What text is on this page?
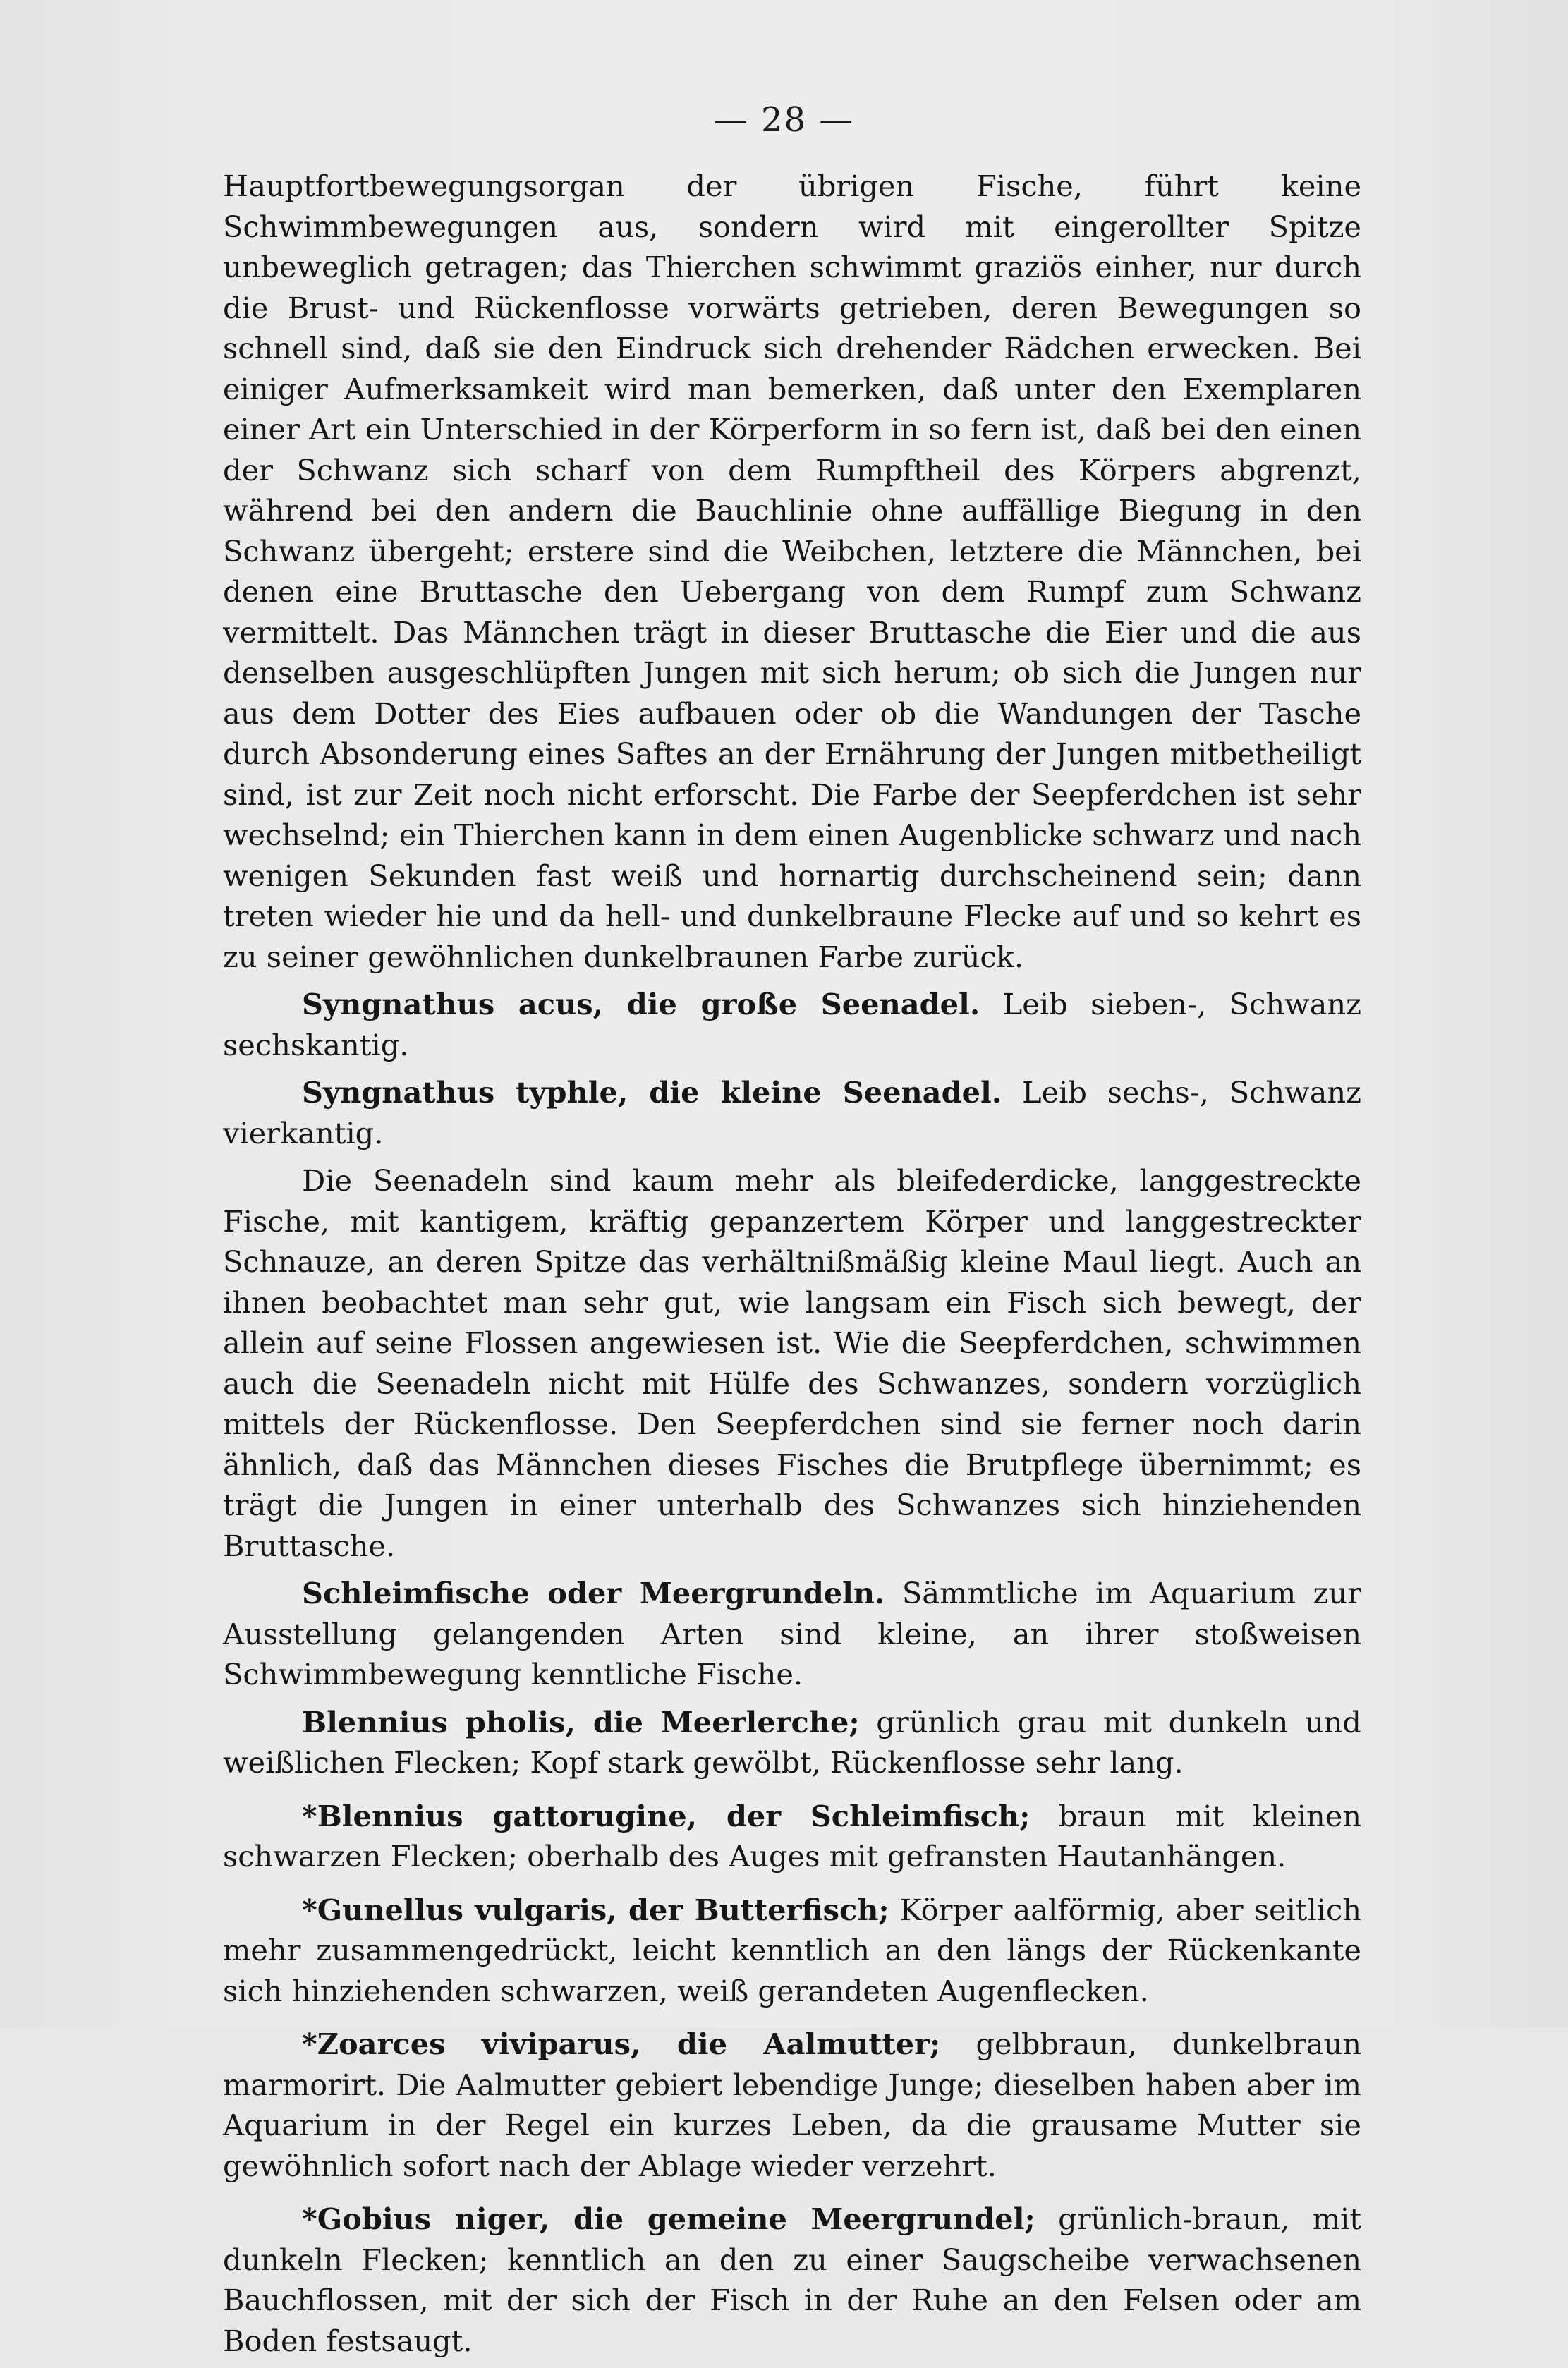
— 28 —

Hauptfortbewegungsorgan der übrigen Fische, führt keine Schwimmbewegungen aus, sondern wird mit eingerollter Spitze unbeweglich getragen; das Thierchen schwimmt graziös einher, nur durch die Brust- und Rückenflosse vorwärts getrieben, deren Bewegungen so schnell sind, daß sie den Eindruck sich drehender Rädchen erwecken. Bei einiger Aufmerksamkeit wird man bemerken, daß unter den Exemplaren einer Art ein Unterschied in der Körperform in so fern ist, daß bei den einen der Schwanz sich scharf von dem Rumpftheil des Körpers abgrenzt, während bei den andern die Bauchlinie ohne auffällige Biegung in den Schwanz übergeht; erstere sind die Weibchen, letztere die Männchen, bei denen eine Bruttasche den Uebergang von dem Rumpf zum Schwanz vermittelt. Das Männchen trägt in dieser Bruttasche die Eier und die aus denselben ausgeschlüpften Jungen mit sich herum; ob sich die Jungen nur aus dem Dotter des Eies aufbauen oder ob die Wandungen der Tasche durch Absonderung eines Saftes an der Ernährung der Jungen mitbetheiligt sind, ist zur Zeit noch nicht erforscht. Die Farbe der Seepferdchen ist sehr wechselnd; ein Thierchen kann in dem einen Augenblicke schwarz und nach wenigen Sekunden fast weiß und hornartig durchscheinend sein; dann treten wieder hie und da hell- und dunkelbraune Flecke auf und so kehrt es zu seiner gewöhnlichen dunkelbraunen Farbe zurück.

Syngnathus acus, die große Seenadel. Leib sieben-, Schwanz sechskantig.

Syngnathus typhle, die kleine Seenadel. Leib sechs-, Schwanz vierkantig.

Die Seenadeln sind kaum mehr als bleifederdicke, langgestreckte Fische, mit kantigem, kräftig gepanzertem Körper und langgestreckter Schnauze, an deren Spitze das verhältnißmäßig kleine Maul liegt. Auch an ihnen beobachtet man sehr gut, wie langsam ein Fisch sich bewegt, der allein auf seine Flossen angewiesen ist. Wie die Seepferdchen, schwimmen auch die Seenadeln nicht mit Hülfe des Schwanzes, sondern vorzüglich mittels der Rückenflosse. Den Seepferdchen sind sie ferner noch darin ähnlich, daß das Männchen dieses Fisches die Brutpflege übernimmt; es trägt die Jungen in einer unterhalb des Schwanzes sich hinziehenden Bruttasche.

Schleimfische oder Meergrundeln. Sämmtliche im Aquarium zur Ausstellung gelangenden Arten sind kleine, an ihrer stoßweisen Schwimmbewegung kenntliche Fische.

Blennius pholis, die Meerlerche; grünlich grau mit dunkeln und weißlichen Flecken; Kopf stark gewölbt, Rückenflosse sehr lang.

*Blennius gattorugine, der Schleimfisch; braun mit kleinen schwarzen Flecken; oberhalb des Auges mit gefransten Hautanhängen.

*Gunellus vulgaris, der Butterfisch; Körper aalförmig, aber seitlich mehr zusammengedrückt, leicht kenntlich an den längs der Rückenkante sich hinziehenden schwarzen, weiß gerandeten Augenflecken.

*Zoarces viviparus, die Aalmutter; gelbbraun, dunkelbraun marmorirt. Die Aalmutter gebiert lebendige Junge; dieselben haben aber im Aquarium in der Regel ein kurzes Leben, da die grausame Mutter sie gewöhnlich sofort nach der Ablage wieder verzehrt.

*Gobius niger, die gemeine Meergrundel; grünlich-braun, mit dunkeln Flecken; kenntlich an den zu einer Saugscheibe verwachsenen Bauchflossen, mit der sich der Fisch in der Ruhe an den Felsen oder am Boden festsaugt.
